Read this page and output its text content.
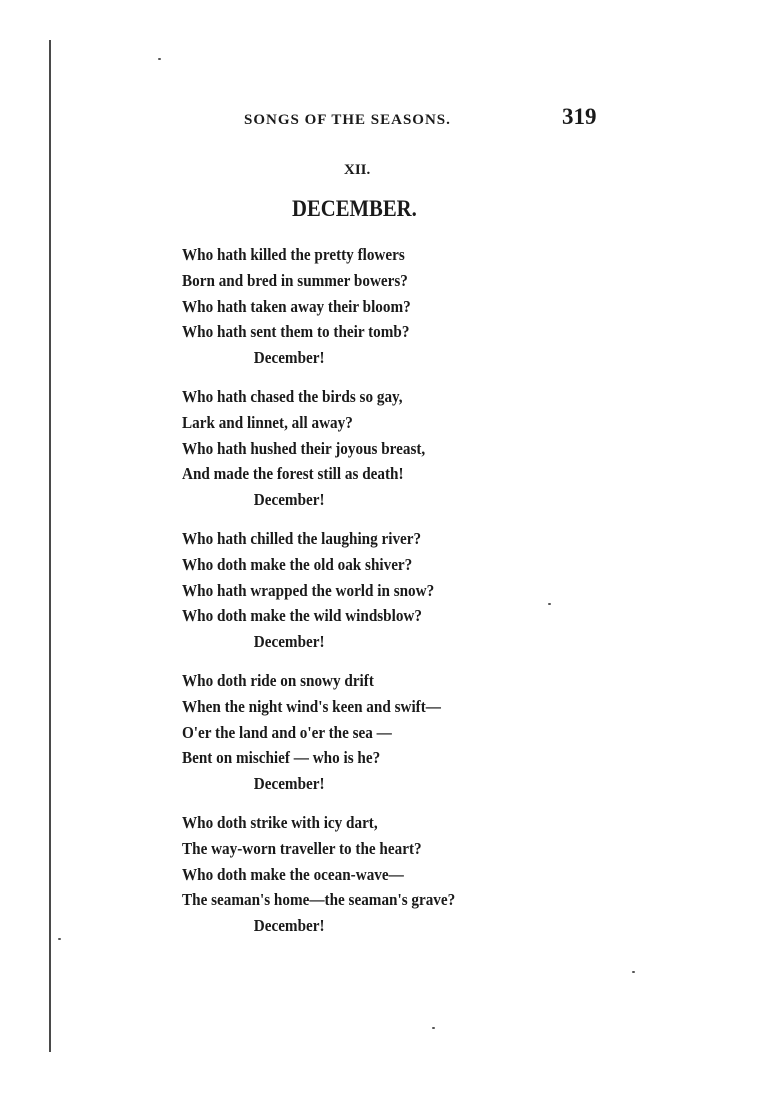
SONGS OF THE SEASONS.	319
XII.
DECEMBER.
Who hath killed the pretty flowers
Born and bred in summer bowers?
Who hath taken away their bloom?
Who hath sent them to their tomb?
December!
Who hath chased the birds so gay,
Lark and linnet, all away?
Who hath hushed their joyous breast,
And made the forest still as death!
December!
Who hath chilled the laughing river?
Who doth make the old oak shiver?
Who hath wrapped the world in snow?
Who doth make the wild windsblow?
December!
Who doth ride on snowy drift
When the night wind's keen and swift—
O'er the land and o'er the sea —
Bent on mischief — who is he?
December!
Who doth strike with icy dart,
The way-worn traveller to the heart?
Who doth make the ocean-wave—
The seaman's home—the seaman's grave?
December!
